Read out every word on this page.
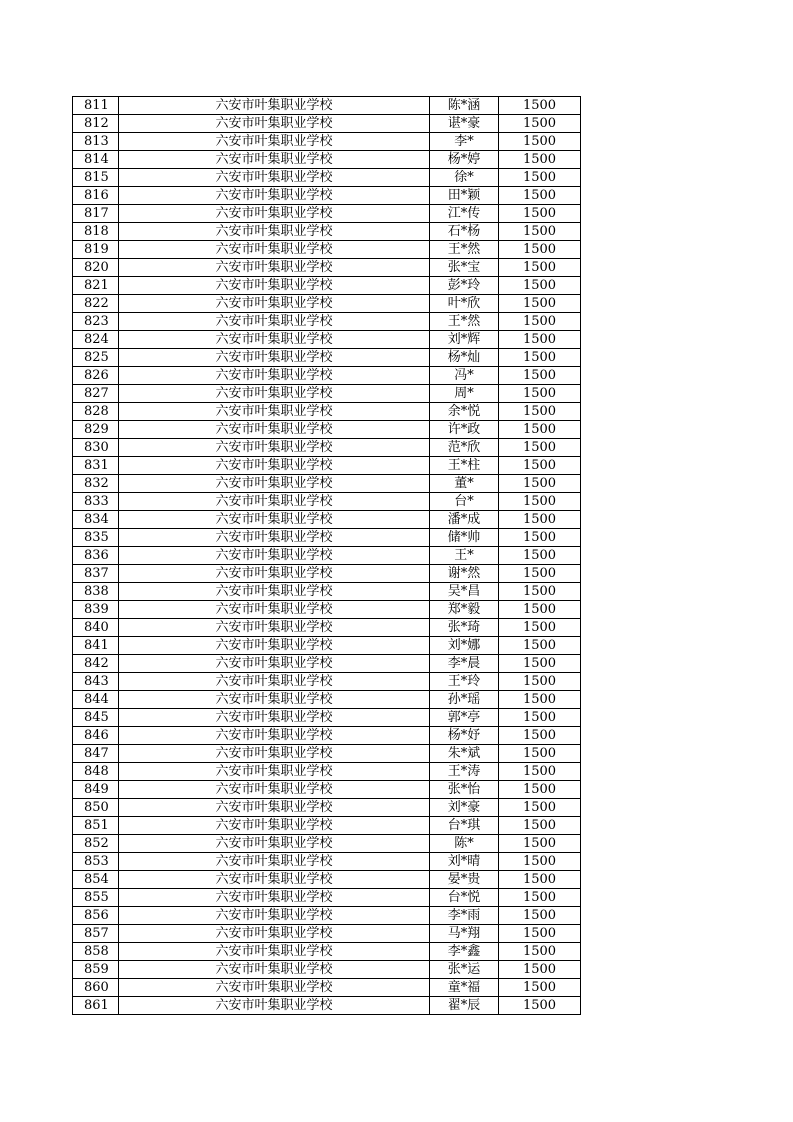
811	六安市叶集职业学校	陈*涵	1500
812	六安市叶集职业学校	谌*豪	1500
813	六安市叶集职业学校	李*	1500
814	六安市叶集职业学校	杨*婷	1500
815	六安市叶集职业学校	徐*	1500
816	六安市叶集职业学校	田*颖	1500
817	六安市叶集职业学校	江*传	1500
818	六安市叶集职业学校	石*杨	1500
819	六安市叶集职业学校	王*然	1500
820	六安市叶集职业学校	张*宝	1500
821	六安市叶集职业学校	彭*玲	1500
822	六安市叶集职业学校	叶*欣	1500
823	六安市叶集职业学校	王*然	1500
824	六安市叶集职业学校	刘*辉	1500
825	六安市叶集职业学校	杨*灿	1500
826	六安市叶集职业学校	冯*	1500
827	六安市叶集职业学校	周*	1500
828	六安市叶集职业学校	余*悦	1500
829	六安市叶集职业学校	许*政	1500
830	六安市叶集职业学校	范*欣	1500
831	六安市叶集职业学校	王*柱	1500
832	六安市叶集职业学校	董*	1500
833	六安市叶集职业学校	台*	1500
834	六安市叶集职业学校	潘*成	1500
835	六安市叶集职业学校	储*帅	1500
836	六安市叶集职业学校	王*	1500
837	六安市叶集职业学校	谢*然	1500
838	六安市叶集职业学校	吴*昌	1500
839	六安市叶集职业学校	郑*毅	1500
840	六安市叶集职业学校	张*琦	1500
841	六安市叶集职业学校	刘*娜	1500
842	六安市叶集职业学校	李*晨	1500
843	六安市叶集职业学校	王*玲	1500
844	六安市叶集职业学校	孙*瑶	1500
845	六安市叶集职业学校	郭*亭	1500
846	六安市叶集职业学校	杨*妤	1500
847	六安市叶集职业学校	朱*斌	1500
848	六安市叶集职业学校	王*涛	1500
849	六安市叶集职业学校	张*怡	1500
850	六安市叶集职业学校	刘*豪	1500
851	六安市叶集职业学校	台*琪	1500
852	六安市叶集职业学校	陈*	1500
853	六安市叶集职业学校	刘*晴	1500
854	六安市叶集职业学校	晏*贵	1500
855	六安市叶集职业学校	台*悦	1500
856	六安市叶集职业学校	李*雨	1500
857	六安市叶集职业学校	马*翔	1500
858	六安市叶集职业学校	李*鑫	1500
859	六安市叶集职业学校	张*运	1500
860	六安市叶集职业学校	童*福	1500
861	六安市叶集职业学校	翟*辰	1500
